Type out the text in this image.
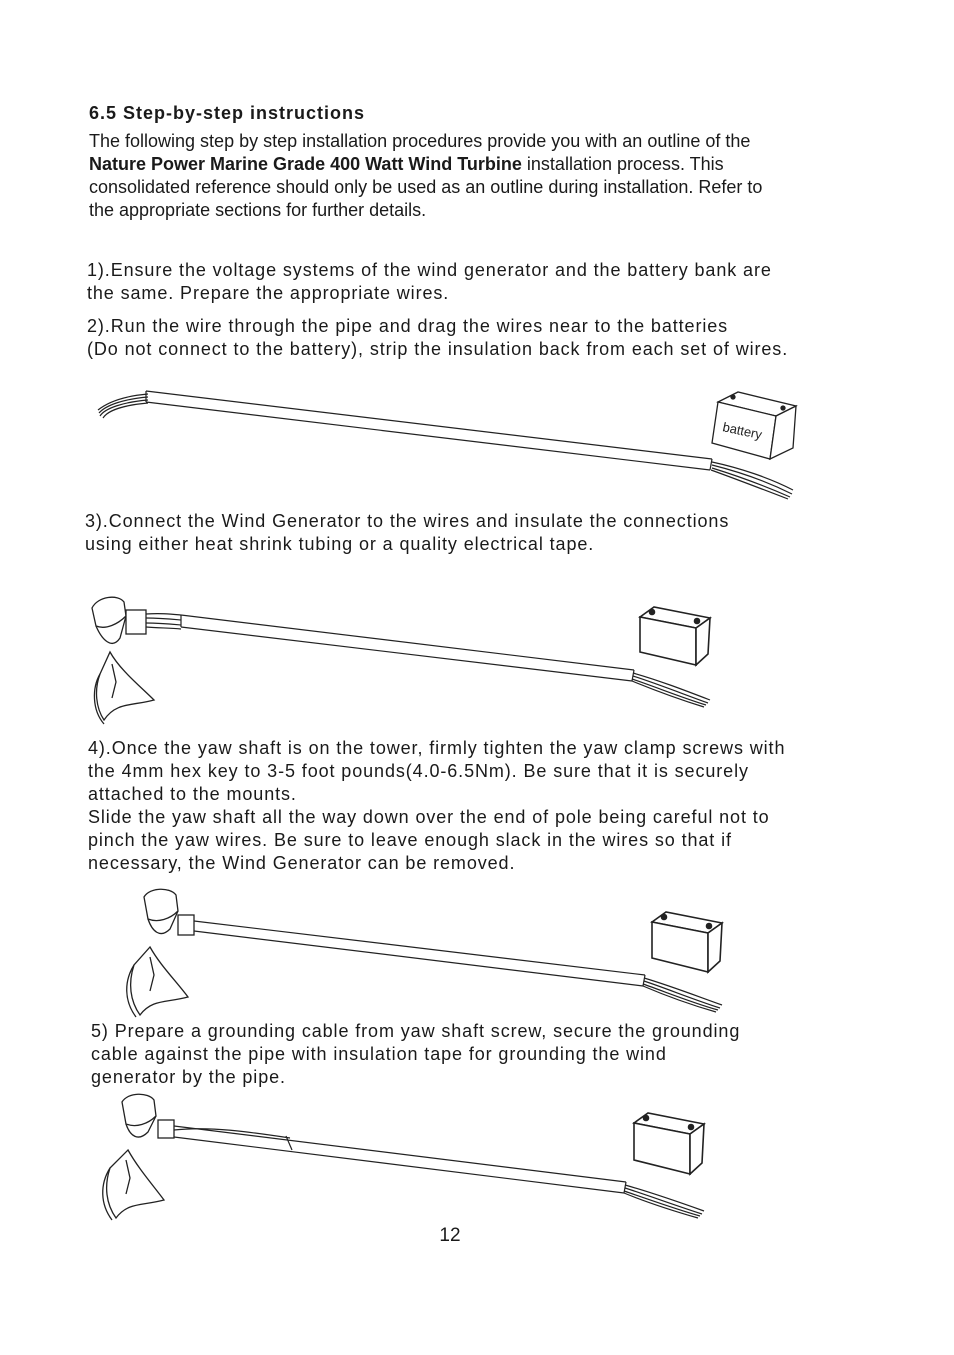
6.5 Step-by-step instructions
The following step by step installation procedures provide you with an outline of the Nature Power Marine Grade 400 Watt Wind Turbine installation process. This consolidated reference should only be used as an outline during installation. Refer to the appropriate sections for further details.
1).Ensure the voltage systems of the wind generator and the battery bank are
the same. Prepare the appropriate wires.
2).Run the wire through the pipe and drag the wires near to the batteries
(Do not connect to the battery), strip the insulation back from each set of wires.
battery
3).Connect the Wind Generator to the wires and insulate the connections
using either heat shrink tubing or a quality electrical tape.
4).Once the yaw shaft is on the tower, firmly tighten the yaw clamp screws with
the 4mm hex key to 3-5 foot pounds(4.0-6.5Nm). Be sure that it is securely
attached to the mounts.
Slide the yaw shaft all the way down over the end of pole being careful not to
pinch the yaw wires. Be sure to leave enough slack in the wires so that if
necessary, the Wind Generator can be removed.
5) Prepare a grounding cable from yaw shaft screw, secure the grounding
cable against the pipe with insulation tape for grounding the wind
generator by the pipe.
12
